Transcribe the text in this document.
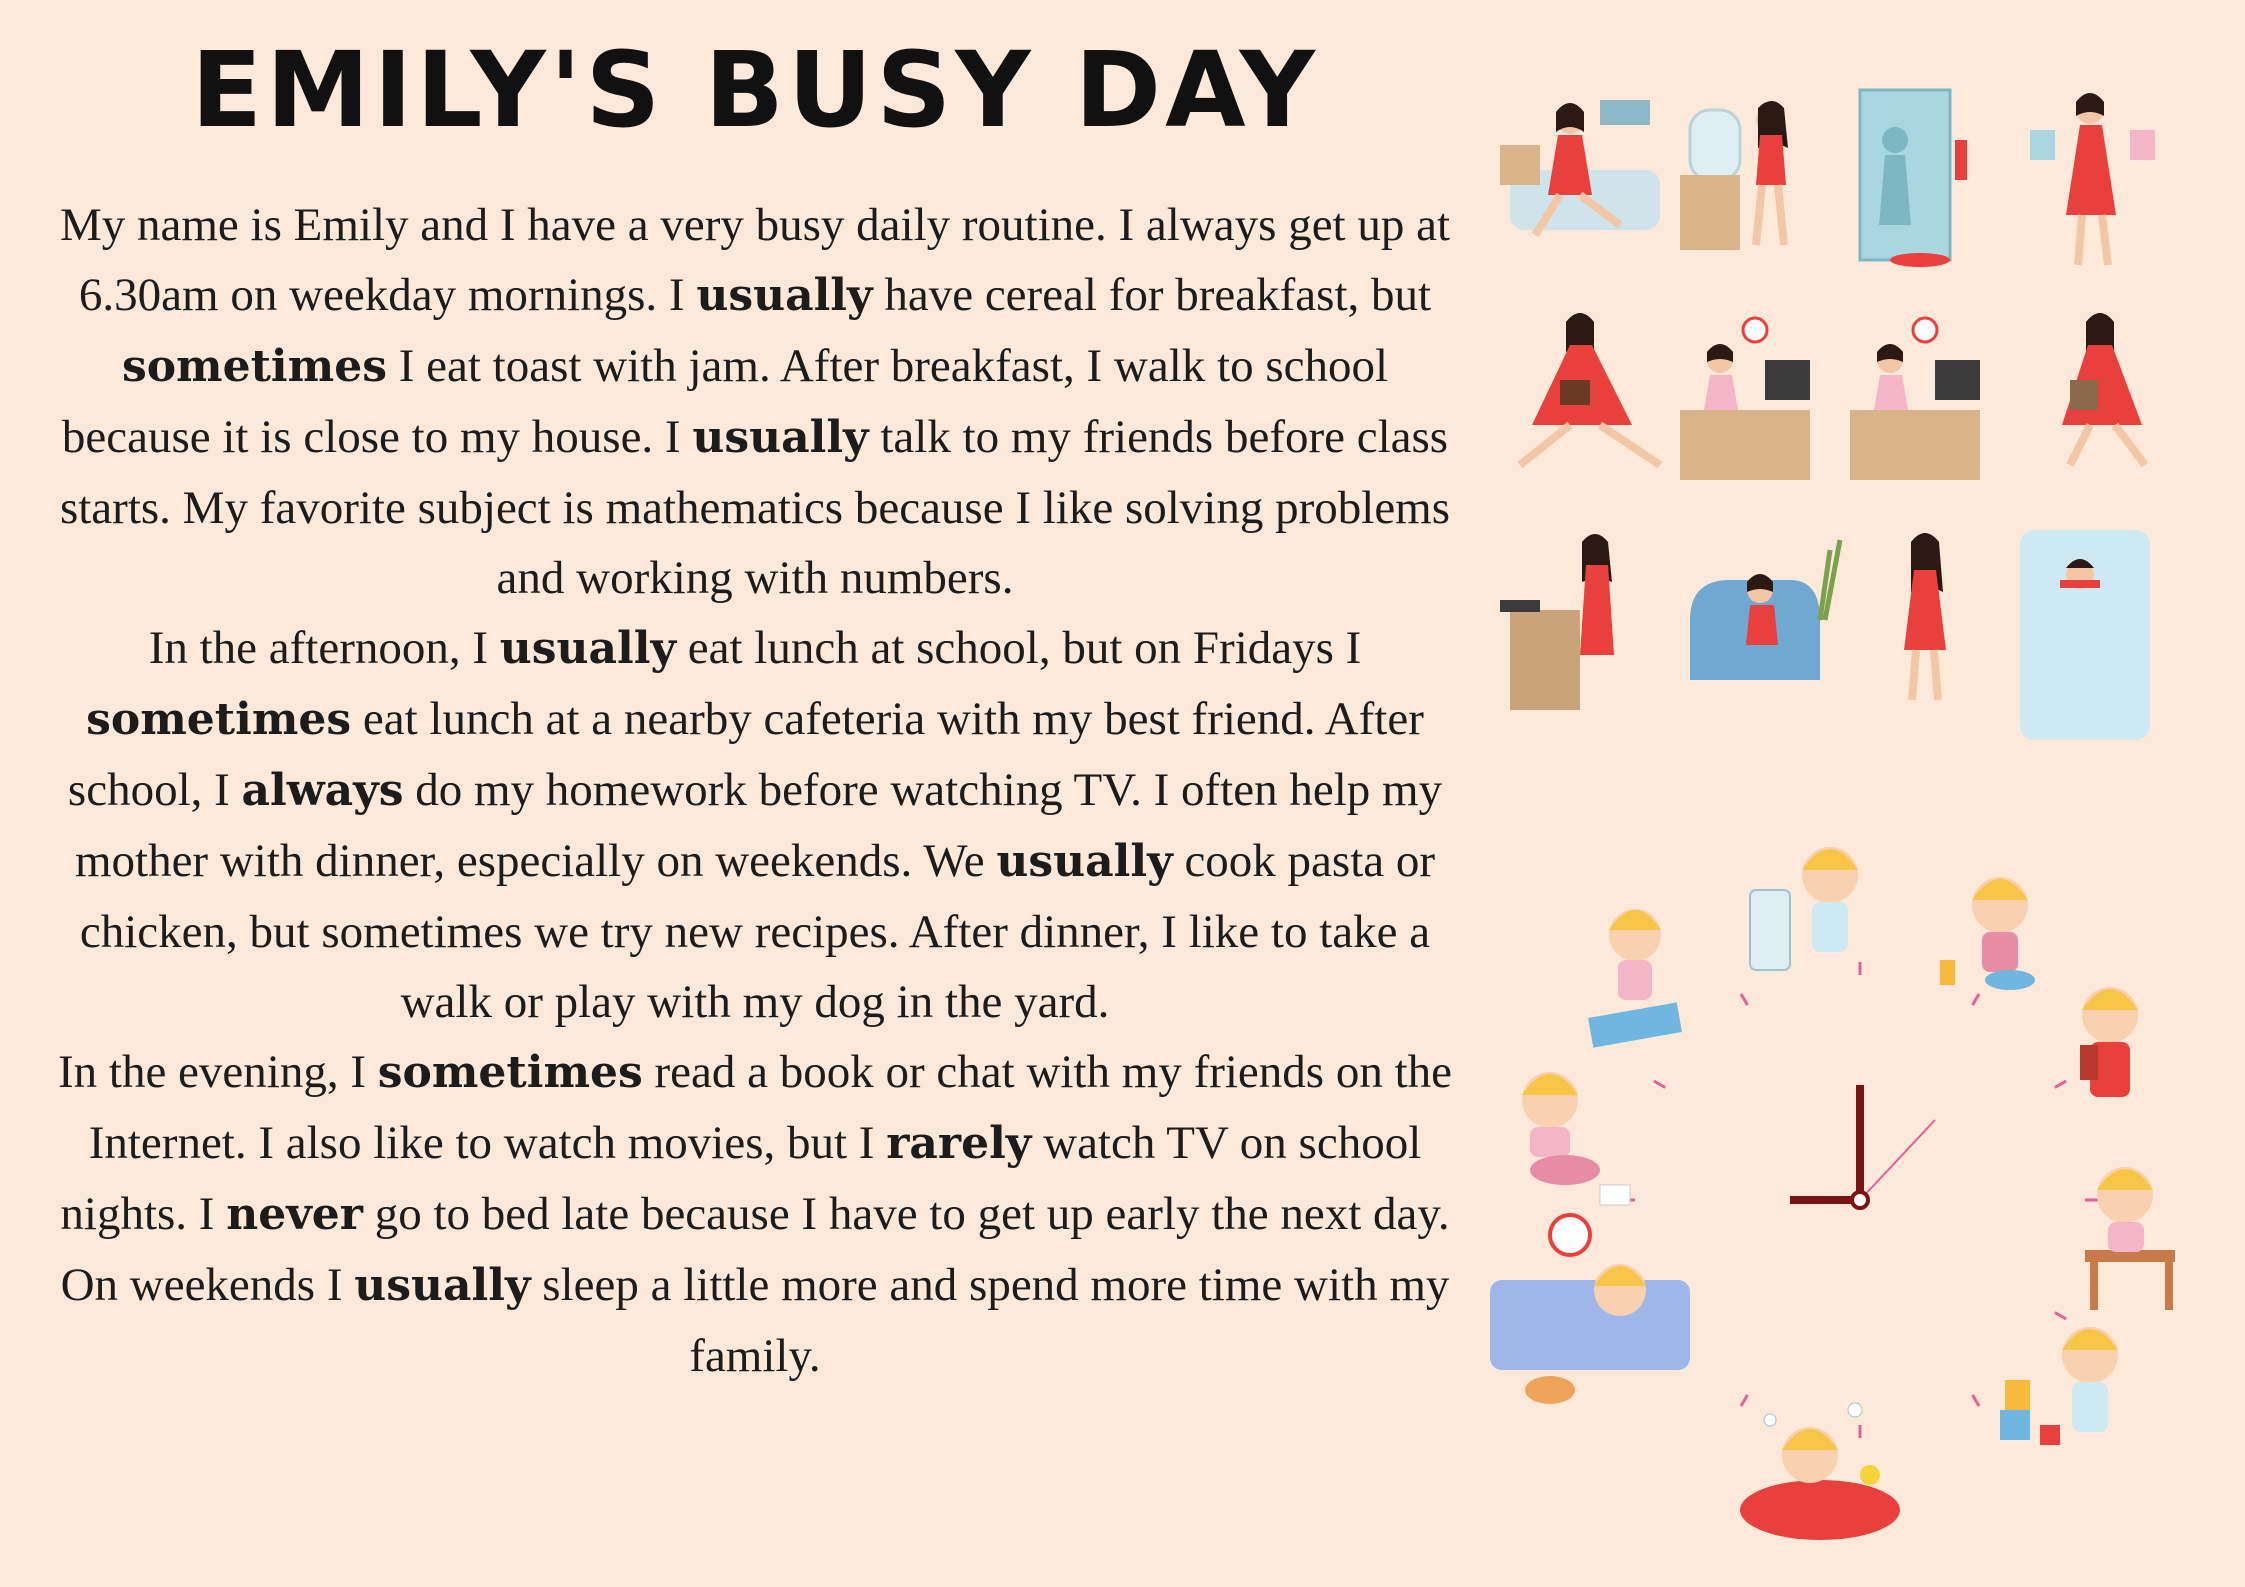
EMILY'S BUSY DAY

My name is Emily and I have a very busy daily routine. I always get up at 6.30am on weekday mornings. I usually have cereal for breakfast, but sometimes I eat toast with jam. After breakfast, I walk to school because it is close to my house. I usually talk to my friends before class starts. My favorite subject is mathematics because I like solving problems and working with numbers.

In the afternoon, I usually eat lunch at school, but on Fridays I sometimes eat lunch at a nearby cafeteria with my best friend. After school, I always do my homework before watching TV. I often help my mother with dinner, especially on weekends. We usually cook pasta or chicken, but sometimes we try new recipes. After dinner, I like to take a walk or play with my dog in the yard.

In the evening, I sometimes read a book or chat with my friends on the Internet. I also like to watch movies, but I rarely watch TV on school nights. I never go to bed late because I have to get up early the next day. On weekends I usually sleep a little more and spend more time with my family.
